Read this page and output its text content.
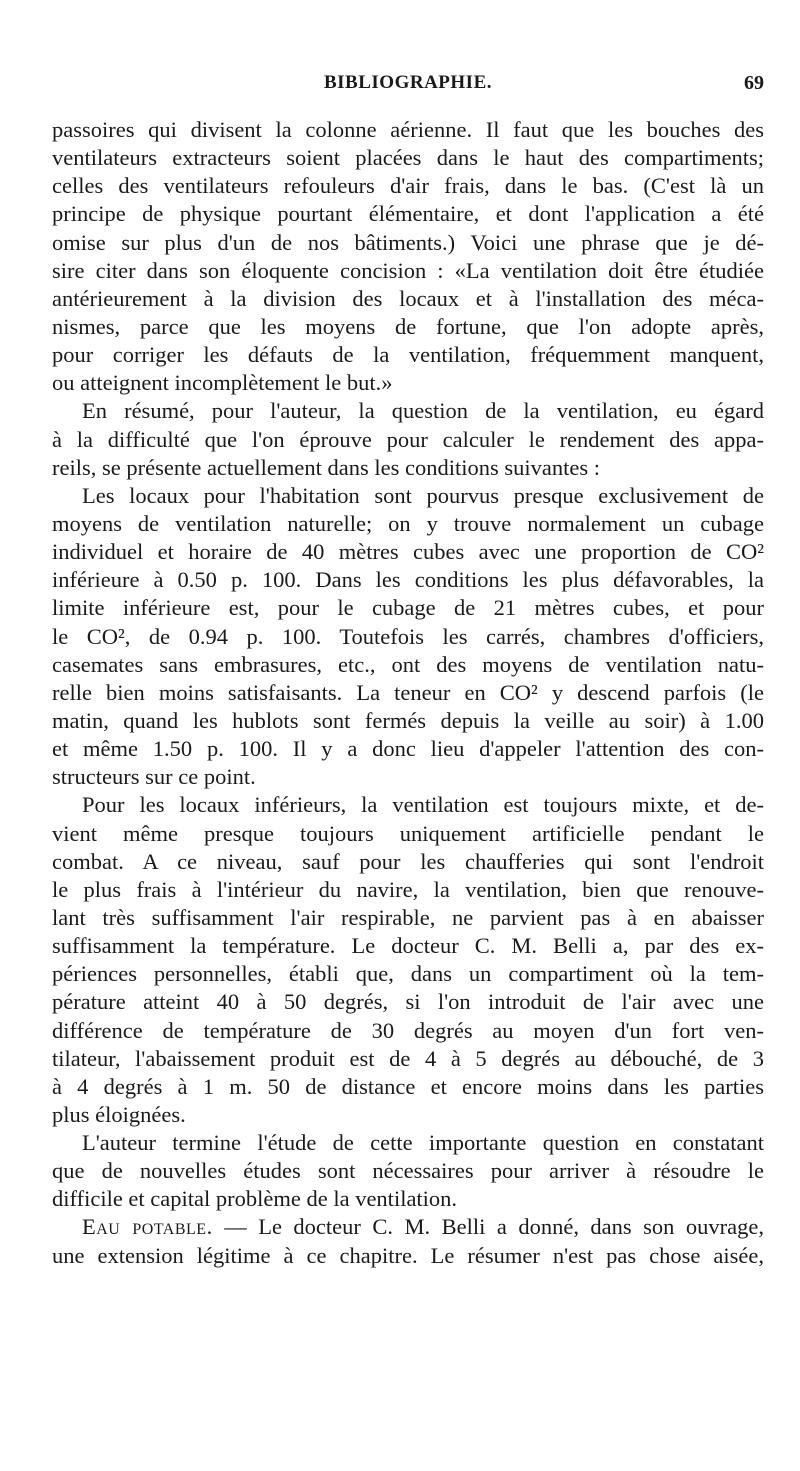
BIBLIOGRAPHIE.	69
passoires qui divisent la colonne aérienne. Il faut que les bouches des
ventilateurs extracteurs soient placées dans le haut des compartiments;
celles des ventilateurs refouleurs d'air frais, dans le bas. (C'est là un
principe de physique pourtant élémentaire, et dont l'application a été
omise sur plus d'un de nos bâtiments.) Voici une phrase que je dé-
sire citer dans son éloquente concision : «La ventilation doit être étudiée
antérieurement à la division des locaux et à l'installation des méca-
nismes, parce que les moyens de fortune, que l'on adopte après,
pour corriger les défauts de la ventilation, fréquemment manquent,
ou atteignent incomplètement le but.»
En résumé, pour l'auteur, la question de la ventilation, eu égard
à la difficulté que l'on éprouve pour calculer le rendement des appa-
reils, se présente actuellement dans les conditions suivantes :
Les locaux pour l'habitation sont pourvus presque exclusivement de
moyens de ventilation naturelle; on y trouve normalement un cubage
individuel et horaire de 40 mètres cubes avec une proportion de CO²
inférieure à 0.50 p. 100. Dans les conditions les plus défavorables, la
limite inférieure est, pour le cubage de 21 mètres cubes, et pour
le CO², de 0.94 p. 100. Toutefois les carrés, chambres d'officiers,
casemates sans embrasures, etc., ont des moyens de ventilation natu-
relle bien moins satisfaisants. La teneur en CO² y descend parfois (le
matin, quand les hublots sont fermés depuis la veille au soir) à 1.00
et même 1.50 p. 100. Il y a donc lieu d'appeler l'attention des con-
structeurs sur ce point.
Pour les locaux inférieurs, la ventilation est toujours mixte, et de-
vient même presque toujours uniquement artificielle pendant le
combat. A ce niveau, sauf pour les chaufferies qui sont l'endroit
le plus frais à l'intérieur du navire, la ventilation, bien que renouve-
lant très suffisamment l'air respirable, ne parvient pas à en abaisser
suffisamment la température. Le docteur C. M. Belli a, par des ex-
périences personnelles, établi que, dans un compartiment où la tem-
pérature atteint 40 à 50 degrés, si l'on introduit de l'air avec une
différence de température de 30 degrés au moyen d'un fort ven-
tilateur, l'abaissement produit est de 4 à 5 degrés au débouché, de 3
à 4 degrés à 1 m. 50 de distance et encore moins dans les parties
plus éloignées.
L'auteur termine l'étude de cette importante question en constatant
que de nouvelles études sont nécessaires pour arriver à résoudre le
difficile et capital problème de la ventilation.
Eau potable. — Le docteur C. M. Belli a donné, dans son ouvrage,
une extension légitime à ce chapitre. Le résumer n'est pas chose aisée,
